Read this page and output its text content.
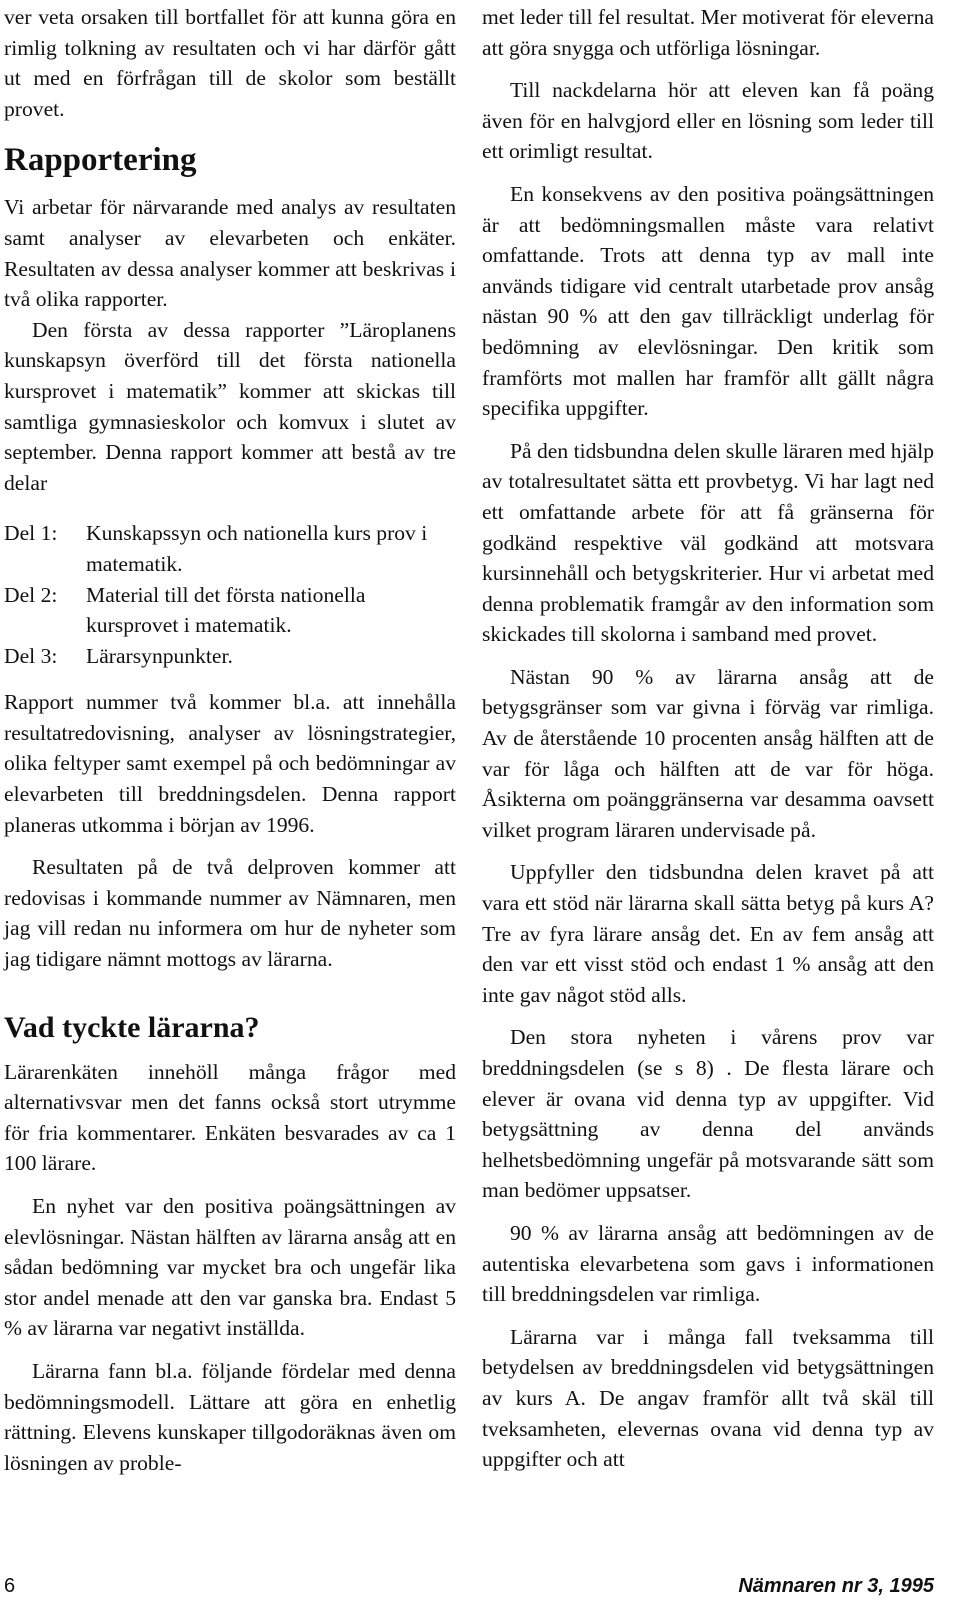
ver veta orsaken till bortfallet för att kunna göra en rimlig tolkning av resultaten och vi har därför gått ut med en förfrågan till de skolor som beställt provet.

Rapportering

Vi arbetar för närvarande med analys av resultaten samt analyser av elevarbeten och enkäter. Resultaten av dessa analyser kommer att beskrivas i två olika rapporter.

Den första av dessa rapporter ”Läroplanens kunskapsyn överförd till det första nationella kursprovet i matematik” kommer att skickas till samtliga gymnasieskolor och komvux i slutet av september. Denna rapport kommer att bestå av tre delar

Del 1:	Kunskapssyn och nationella kurs prov i matematik.
Del 2:	Material till det första nationella kursprovet i matematik.
Del 3:	Lärarsynpunkter.

Rapport nummer två kommer bl.a. att innehålla resultatredovisning, analyser av lösningstrategier, olika feltyper samt exempel på och bedömningar av elevarbeten till breddningsdelen. Denna rapport planeras utkomma i början av 1996.

Resultaten på de två delproven kommer att redovisas i kommande nummer av Nämnaren, men jag vill redan nu informera om hur de nyheter som jag tidigare nämnt mottogs av lärarna.

Vad tyckte lärarna?

Lärarenkäten innehöll många frågor med alternativsvar men det fanns också stort utrymme för fria kommentarer. Enkäten besvarades av ca 1 100 lärare.

En nyhet var den positiva poängsättningen av elevlösningar. Nästan hälften av lärarna ansåg att en sådan bedömning var mycket bra och ungefär lika stor andel menade att den var ganska bra. Endast 5 % av lärarna var negativt inställda.

Lärarna fann bl.a. följande fördelar med denna bedömningsmodell. Lättare att göra en enhetlig rättning. Elevens kunskaper tillgodoräknas även om lösningen av proble-

met leder till fel resultat. Mer motiverat för eleverna att göra snygga och utförliga lösningar.

Till nackdelarna hör att eleven kan få poäng även för en halvgjord eller en lösning som leder till ett orimligt resultat.

En konsekvens av den positiva poängsättningen är att bedömningsmallen måste vara relativt omfattande. Trots att denna typ av mall inte används tidigare vid centralt utarbetade prov ansåg nästan 90 % att den gav tillräckligt underlag för bedömning av elevlösningar. Den kritik som framförts mot mallen har framför allt gällt några specifika uppgifter.

På den tidsbundna delen skulle läraren med hjälp av totalresultatet sätta ett provbetyg. Vi har lagt ned ett omfattande arbete för att få gränserna för godkänd respektive väl godkänd att motsvara kursinnehåll och betygskriterier. Hur vi arbetat med denna problematik framgår av den information som skickades till skolorna i samband med provet.

Nästan 90 % av lärarna ansåg att de betygsgränser som var givna i förväg var rimliga. Av de återstående 10 procenten ansåg hälften att de var för låga och hälften att de var för höga. Åsikterna om poänggränserna var desamma oavsett vilket program läraren undervisade på.

Uppfyller den tidsbundna delen kravet på att vara ett stöd när lärarna skall sätta betyg på kurs A? Tre av fyra lärare ansåg det. En av fem ansåg att den var ett visst stöd och endast 1 % ansåg att den inte gav något stöd alls.

Den stora nyheten i vårens prov var breddningsdelen (se s 8) . De flesta lärare och elever är ovana vid denna typ av uppgifter. Vid betygsättning av denna del används helhetsbedömning ungefär på motsvarande sätt som man bedömer uppsatser.

90 % av lärarna ansåg att bedömningen av de autentiska elevarbetena som gavs i informationen till breddningsdelen var rimliga.

Lärarna var i många fall tveksamma till betydelsen av breddningsdelen vid betygsättningen av kurs A. De angav framför allt två skäl till tveksamheten, elevernas ovana vid denna typ av uppgifter och att

6	Nämnaren nr 3, 1995
